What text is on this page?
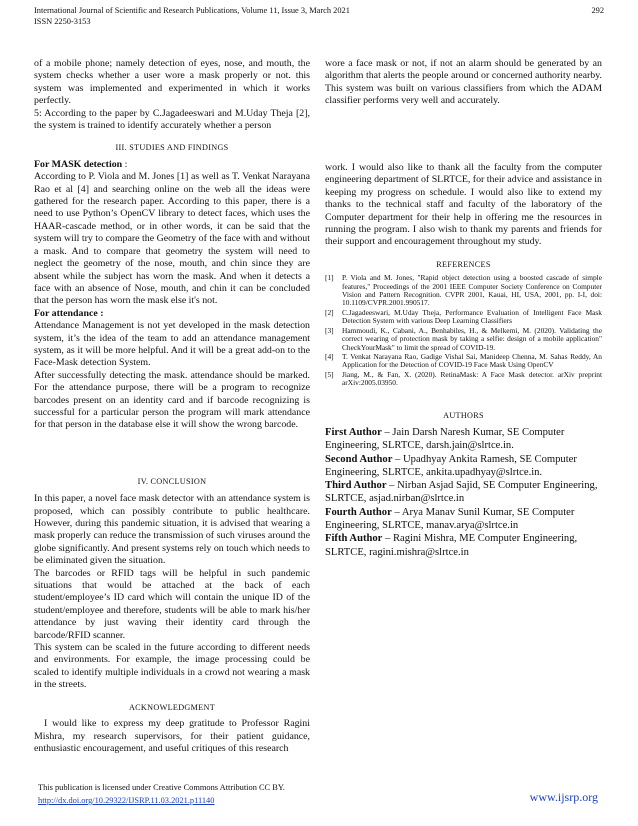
International Journal of Scientific and Research Publications, Volume 11, Issue 3, March 2021	292
ISSN 2250-3153

of a mobile phone; namely detection of eyes, nose, and mouth, the system checks whether a user wore a mask properly or not. this system was implemented and experimented in which it works perfectly.

5: According to the paper by C.Jagadeeswari and M.Uday Theja [2], the system is trained to identify accurately whether a person

III. STUDIES AND FINDINGS

For MASK detection :

According to P. Viola and M. Jones [1] as well as T. Venkat Narayana Rao et al [4] and searching online on the web all the ideas were gathered for the research paper. According to this paper, there is a need to use Python’s OpenCV library to detect faces, which uses the HAAR-cascade method, or in other words, it can be said that the system will try to compare the Geometry of the face with and without a mask. And to compare that geometry the system will need to neglect the geometry of the nose, mouth, and chin since they are absent while the subject has worn the mask. And when it detects a face with an absence of Nose, mouth, and chin it can be concluded that the person has worn the mask else it's not.

For attendance :

Attendance Management is not yet developed in the mask detection system, it’s the idea of the team to add an attendance management system, as it will be more helpful. And it will be a great add-on to the Face-Mask detection System.

After successfully detecting the mask. attendance should be marked. For the attendance purpose, there will be a program to recognize barcodes present on an identity card and if barcode recognizing is successful for a particular person the program will mark attendance for that person in the database else it will show the wrong barcode.

IV. CONCLUSION

In this paper, a novel face mask detector with an attendance system is proposed, which can possibly contribute to public healthcare. However, during this pandemic situation, it is advised that wearing a mask properly can reduce the transmission of such viruses around the globe significantly. And present systems rely on touch which needs to be eliminated given the situation.

The barcodes or RFID tags will be helpful in such pandemic situations that would be attached at the back of each student/employee’s ID card which will contain the unique ID of the student/employee and therefore, students will be able to mark his/her attendance by just waving their identity card through the barcode/RFID scanner.

This system can be scaled in the future according to different needs and environments. For example, the image processing could be scaled to identify multiple individuals in a crowd not wearing a mask in the streets.

ACKNOWLEDGMENT

I would like to express my deep gratitude to Professor Ragini Mishra, my research supervisors, for their patient guidance, enthusiastic encouragement, and useful critiques of this research

wore a face mask or not, if not an alarm should be generated by an algorithm that alerts the people around or concerned authority nearby. This system was built on various classifiers from which the ADAM classifier performs very well and accurately.

work. I would also like to thank all the faculty from the computer engineering department of SLRTCE, for their advice and assistance in keeping my progress on schedule. I would also like to extend my thanks to the technical staff and faculty of the laboratory of the Computer department for their help in offering me the resources in running the program. I also wish to thank my parents and friends for their support and encouragement throughout my study.

REFERENCES

[1] P. Viola and M. Jones, "Rapid object detection using a boosted cascade of simple features," Proceedings of the 2001 IEEE Computer Society Conference on Computer Vision and Pattern Recognition. CVPR 2001, Kauai, HI, USA, 2001, pp. I-I, doi: 10.1109/CVPR.2001.990517.
[2] C.Jagadeeswari, M.Uday Theja, Performance Evaluation of Intelligent Face Mask Detection System with various Deep Learning Classifiers
[3] Hammoudi, K., Cabani, A., Benhabiles, H., & Melkemi, M. (2020). Validating the correct wearing of protection mask by taking a selfie: design of a mobile application" CheckYourMask" to limit the spread of COVID-19.
[4] T. Venkat Narayana Rao, Gadige Vishal Sai, Manideep Chenna, M. Sahas Reddy, An Application for the Detection of COVID-19 Face Mask Using OpenCV
[5] Jiang, M., & Fan, X. (2020). RetinaMask: A Face Mask detector. arXiv preprint arXiv:2005.03950.

AUTHORS

First Author – Jain Darsh Naresh Kumar, SE Computer Engineering, SLRTCE, darsh.jain@slrtce.in.

Second Author – Upadhyay Ankita Ramesh, SE Computer Engineering, SLRTCE, ankita.upadhyay@slrtce.in.

Third Author – Nirban Asjad Sajid, SE Computer Engineering, SLRTCE, asjad.nirban@slrtce.in

Fourth Author – Arya Manav Sunil Kumar, SE Computer Engineering, SLRTCE, manav.arya@slrtce.in

Fifth Author – Ragini Mishra, ME Computer Engineering, SLRTCE, ragini.mishra@slrtce.in

This publication is licensed under Creative Commons Attribution CC BY.
http://dx.doi.org/10.29322/IJSRP.11.03.2021.p11140	www.ijsrp.org
